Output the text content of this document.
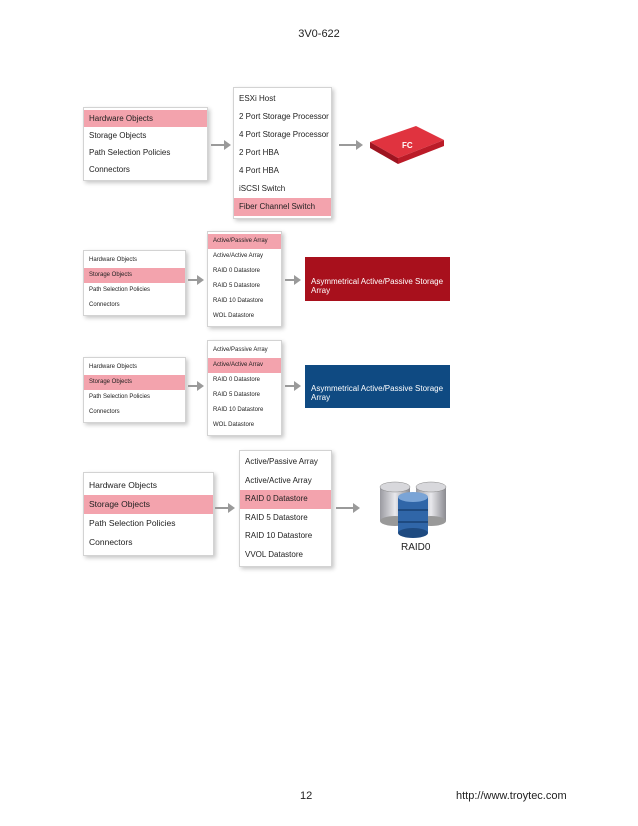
3V0-622
Hardware Objects
Storage Objects
Path Selection Policies
Connectors
ESXi Host
2 Port Storage Processor
4 Port Storage Processor
2 Port HBA
4 Port HBA
iSCSI Switch
Fiber Channel Switch
FC
Hardware Objects
Storage Objects
Path Selection Policies
Connectors
Active/Passive Array
Active/Active Array
RAID 0 Datastore
RAID 5 Datastore
RAID 10 Datastore
WOL Datastore
Asymmetrical Active/Passive Storage Array
Hardware Objects
Storage Objects
Path Selection Policies
Connectors
Active/Passive Array
Active/Active Arrav
RAID 0 Datastore
RAID 5 Datastore
RAID 10 Datastore
WOL Datastore
Asymmetrical Active/Passive Storage Array
Hardware Objects
Storage Objects
Path Selection Policies
Connectors
Active/Passive Array
Active/Active Array
RAID 0 Datastore
RAID 5 Datastore
RAID 10 Datastore
VVOL Datastore
RAID0
12	http://www.troytec.com
